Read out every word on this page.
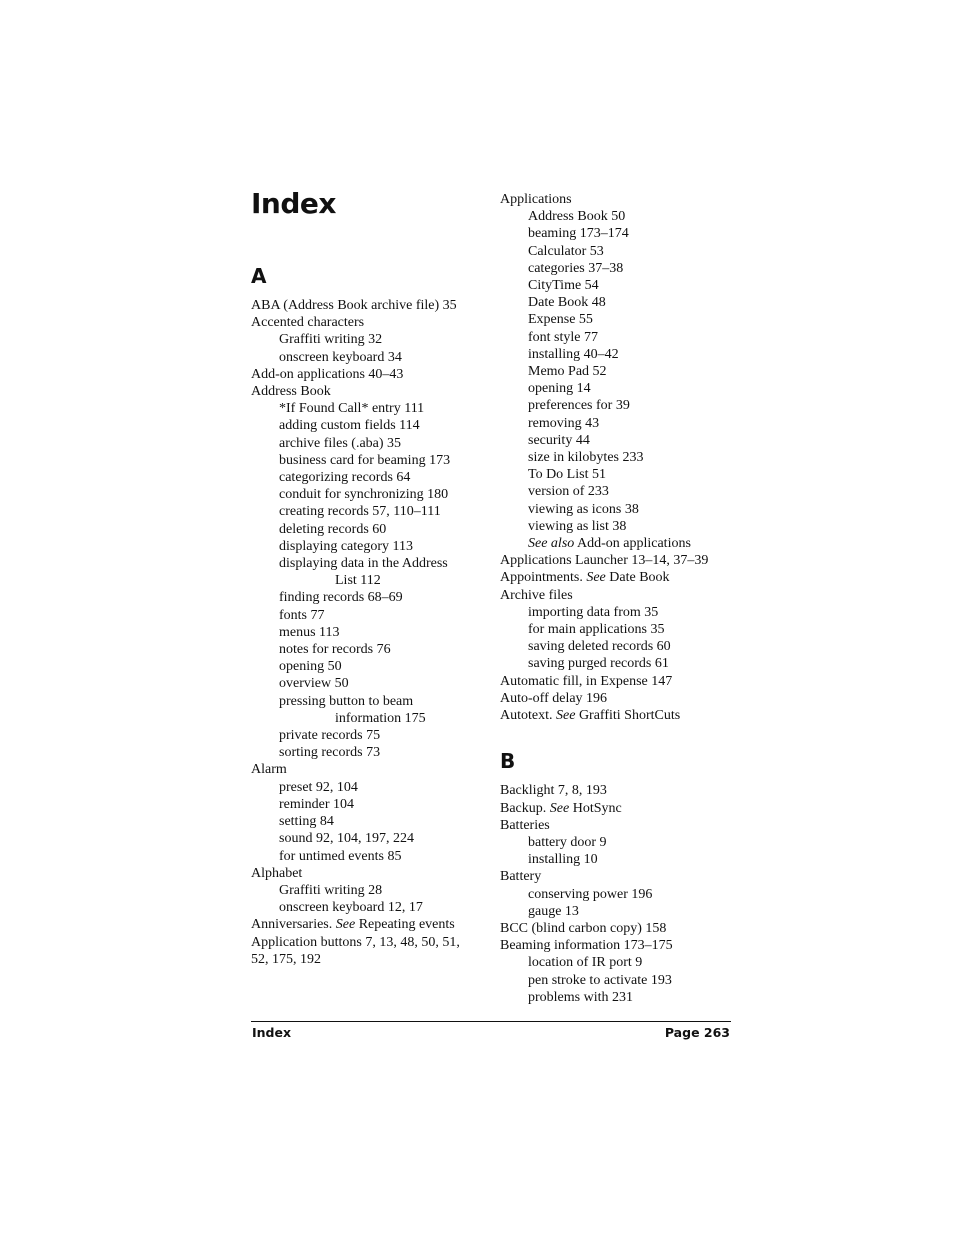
Index
A
ABA (Address Book archive file) 35
Accented characters
Graffiti writing 32
onscreen keyboard 34
Add-on applications 40–43
Address Book
*If Found Call* entry 111
adding custom fields 114
archive files (.aba) 35
business card for beaming 173
categorizing records 64
conduit for synchronizing 180
creating records 57, 110–111
deleting records 60
displaying category 113
displaying data in the Address
List 112
finding records 68–69
fonts 77
menus 113
notes for records 76
opening 50
overview 50
pressing button to beam
information 175
private records 75
sorting records 73
Alarm
preset 92, 104
reminder 104
setting 84
sound 92, 104, 197, 224
for untimed events 85
Alphabet
Graffiti writing 28
onscreen keyboard 12, 17
Anniversaries. See Repeating events
Application buttons 7, 13, 48, 50, 51,
52, 175, 192
Applications
Address Book 50
beaming 173–174
Calculator 53
categories 37–38
CityTime 54
Date Book 48
Expense 55
font style 77
installing 40–42
Memo Pad 52
opening 14
preferences for 39
removing 43
security 44
size in kilobytes 233
To Do List 51
version of 233
viewing as icons 38
viewing as list 38
See also Add-on applications
Applications Launcher 13–14, 37–39
Appointments. See Date Book
Archive files
importing data from 35
for main applications 35
saving deleted records 60
saving purged records 61
Automatic fill, in Expense 147
Auto-off delay 196
Autotext. See Graffiti ShortCuts
B
Backlight 7, 8, 193
Backup. See HotSync
Batteries
battery door 9
installing 10
Battery
conserving power 196
gauge 13
BCC (blind carbon copy) 158
Beaming information 173–175
location of IR port 9
pen stroke to activate 193
problems with 231
Index	Page 263
